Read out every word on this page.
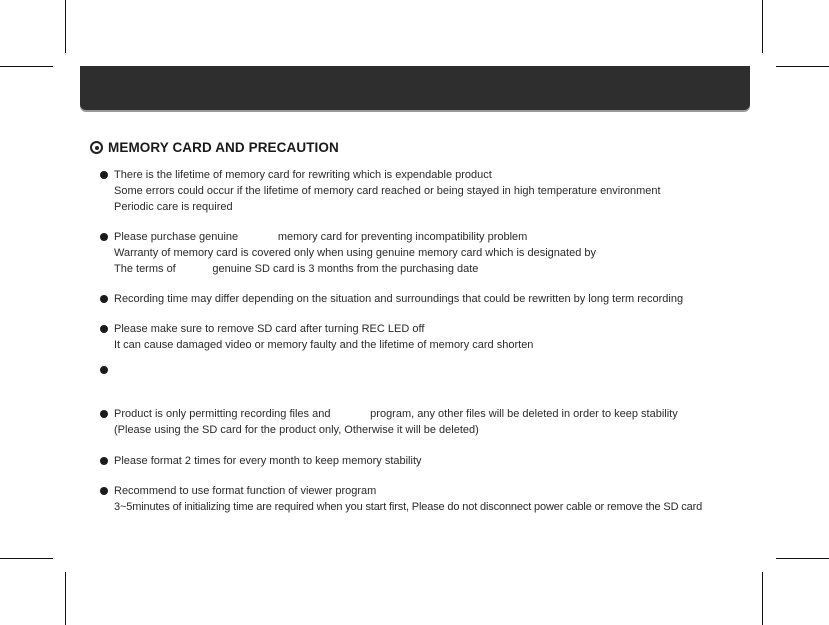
MEMORY CARD AND PRECAUTION
There is the lifetime of memory card for rewriting which is expendable product
Some errors could occur if the lifetime of memory card reached or being stayed in high temperature environment
Periodic care is required
Please purchase genuine             memory card for preventing incompatibility problem
Warranty of memory card is covered only when using genuine memory card which is designated by
The terms of            genuine SD card is 3 months from the purchasing date
Recording time may differ depending on the situation and surroundings that could be rewritten by long term recording
Please make sure to remove SD card after turning REC LED off
It can cause damaged video or memory faulty and the lifetime of memory card shorten
Product is only permitting recording files and             program, any other files will be deleted in order to keep stability
(Please using the SD card for the product only, Otherwise it will be deleted)
Please format 2 times for every month to keep memory stability
Recommend to use format function of viewer program
3~5minutes of initializing time are required when you start first, Please do not disconnect power cable or remove the SD card
